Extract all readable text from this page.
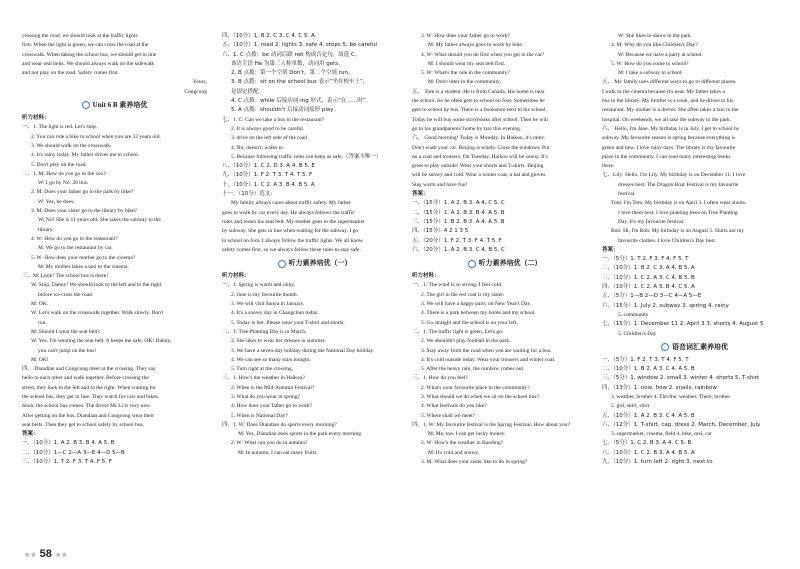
crossing the road, we should look at the traffic lights

first. When the light is green, we can cross the road at the

crosswalk. When taking the school bus, we should get in line

and wear seat belts. We should always walk on the sidewalk

and not play on the road. Safety comes first.

Yours,

Congcong

Unit 6 B 素养培优

听力材料：

一、1. The light is red. Let's stop.

2. You can ride a bike to school when you are 12 years old.

3. We should walk on the crosswalk.

4. It's rainy today. My father drives me to school.

5. Don't play on the road.

二、1. M: How do you go to the zoo?

W: I go by No. 20 bus.

2. M: Does your father go to the park by bike?

W: Yes, he does.

3. M: Does your sister go to the library by bike?

W: No! She is 11 years old. She takes the subway to the

library.

4. W: How do you go to the restaurant?

M: We go to the restaurant by car.

5. W: How does your mother go to the cinema?

M: My mother takes a taxi to the cinema.

三、M: Look! The school bus is there!

W: Stop, Danny! We should look to the left and to the right

before we cross the road.

M: OK.

W: Let's walk on the crosswalk together. Walk slowly. Don't

run.

M: Should I wear the seat belt?

W: Yes. I'm wearing the seat belt. It keeps me safe. OK! Danny,

you can't jump on the bus!

M: OK!

四、 Diandian and Congcong meet at the crossing. They say

hello to each other and walk together. Before crossing the

street, they look to the left and to the right. When waiting for

the school bus, they get in line. They watch for cars and bikes.

Soon, the school bus comes. The driver Mr Li is very nice.

After getting on the bus, Diandian and Congcong wear their

seat belts. Then they get to school safely by school bus.

答案：

一、（10分）1. A 2. B 3. B 4. A 5. B

二、（10分）1—C 2—A 3—E 4—D 5—B

三、（10分）1. T 2. F 3. T 4. F 5. F

四、（10分）1. B 2. C 3. C 4. C 5. A

五、（10分）1. road 2. lights 3. safe 4. stops 5. be careful

六、1. C 点拨：be 动词后跟 not 构成否定句，故选 C。

该语主语 He 为第三人称单数，动词用 gets。

2. B 点拨：第一个空填 Don't，第二个空填 run。

3. B 点拨：sit on the school bus 表示“坐在校车上”，

是固定搭配。

4. C 点拨：while 后接动词-ing 形式，表示“在……时”。

5. A 点拨：shouldn't 后接动词原形 play。

七、1. C: Can we take a bus to the restaurant?

2. It is always good to be careful.

3. drive on the left side of the road

4. No; doesn't; walks to

5. Because following traffic rules can keep us safe.（答案不唯一）

八、（10分）1. C 2. D 3. A 4. B 5. E

九、（10分）1. F 2. T 3. T 4. T 5. F

十、（10分）1. C 2. A 3. B 4. B 5. A

十一、（10分）范文：

My family always cares about traffic safety. My father

goes to work by car every day. He always follows the traffic

rules and wears his seat belt. My mother goes to the supermarket

by subway. She gets in line when waiting for the subway. I go

to school on foot. I always follow the traffic lights. We all know

safety comes first, so we always follow these rules to stay safe.

听力素养培优（一）

听力材料：

一、1. Spring is warm and rainy.

2. June is my favourite month.

3. We will visit Sanya in January.

4. It's a snowy day in Changchun today.

5. Today is hot. Please wear your T-shirt and shorts.

二、1. Tree Planting Day is in March.

2. She likes to wear her dresses in summer.

3. We have a seven-day holiday during the National Day holiday.

4. We can see so many stars tonight.

5. Turn right at the crossing.

三、1. How's the weather in Haikou?

2. When is the Mid-Autumn Festival?

3. What do you wear in spring?

4. How does your father go to work?

5. When is National Day?

四、1. W: Does Diandian do sports every morning?

M: Yes. Diandian does sports in the park every morning.

2. W: What can you do in autumn?

M: In autumn, I can eat many fruits.

3. W: How does your father go to work?

M: My father always goes to work by bike.

4. W: What should you do first when you get in the car?

M: I should wear my seat belt first.

5. W: What's the rule in the community?

M: Don't litter in the community.

五、 Tom is a student. He is from Canada. His home is near

the school. So he often gets to school on foot. Sometimes he

gets to school by bus. There is a bookstore next to his school.

Today he will buy some storybooks after school. Then he will

go to his grandparents' home by taxi this evening.

六、 Good morning! Today is Monday. In Haikou, it's rainy.

Don't wash your car. Beijing is windy. Close the windows. Put

on a coat and trousers. On Tuesday, Haikou will be sunny. It's

great to play outside! Wear your shorts and T-shirts. Beijing

will be snowy and cold. Wear a winter coat, a hat and gloves.

Stay warm and have fun!

答案：

一、（15分）1. A 2. B 3. A 4. C 5. C

二、（15分）1. A 2. B 3. B 4. A 5. B

三、（15分）1. B 2. B 3. A 4. A 5. B

四、（15分）4 2 1 3 5

五、（20分）1. F 2. T 3. F 4. T 5. F

六、（20分）1. A 2. B 3. C 4. B 5. C

听力素养培优（二）

听力材料：

一、1. The wind is so strong. I feel cold.

2. The girl in the red coat is my sister.

3. We will have a happy party on New Year's Day.

4. There is a park between my home and my school.

5. Go straight and the school is on your left.

二、1. The traffic light is green. Let's go.

2. We shouldn't play football in the park.

3. Stay away from the road when you are waiting for a bus.

4. It's cold outside today. Wear your trousers and winter coat.

5. After the heavy rain, the rainbow comes out.

三、1. How do you feel?

2. What's your favourite place in the community?

3. What should we do when we sit on the school bus?

4. What festivals do you like?

5. Where shall we meet?

四、1. W: My favourite festival is the Spring Festival. How about you?

M: Me, too. I can get lucky money.

2. W: How's the weather in Baoding?

M: It's cold and snowy.

3. M: What does your sister like to do in spring?

W: She likes to dance in the park.

4. M: Why do you like Children's Day?

W: Because we have a party at school.

5. W: How do you come to school?

M: I take a subway to school.

五、 My family uses different ways to go to different places.

I walk to the cinema because it's near. My father takes a

bus to the library. My brother is a cook, and he drives to his

restaurant. My mother is a doctor. She often takes a taxi to the

hospital. On weekends, we all take the subway to the park.

六、 Hello, I'm Jane. My birthday is in July. I get to school by

subway. My favourite season is spring because everything is

green and new. I love rainy days. The library is my favourite

place in the community. I can read many interesting books

there.

七、Lily: Hello, I'm Lily. My birthday is on December 11. I love

dresses best. The Dragon Boat Festival is my favourite

festival.

Tom: I'm Tom. My birthday is on April 3. I often wear shorts.

I love them best. I love planting trees on Tree Planting

Day. It's my favourite festival.

Bob: Hi, I'm Bob. My birthday is on August 5. Shirts are my

favourite clothes. I love Children's Day best.

答案：

一、（5分）1. T 2. F 3. F 4. F 5. T

二、（10分）1. B 2. C 3. A 4. B 5. A

三、（10分）1. C 2. A 3. C 4. B 5. B

四、（10分）1. C 2. A 3. B 4. C 5. A

五、（5分）1—B 2—D 3—C 4—A 5—E

六、（15分）1. July 2. subway 3. spring 4. rainy

5. community

七、（15分）1. December 11 2. April 3 3. shorts 4. August 5

5. Children's Day

语音词汇素养培优

一、（5分）1. F 2. T 3. T 4. F 5. T

二、（10分）1. B 2. A 3. C 4. A 5. B

三、（5分）1. window 2. small 3. winter 4. shorts 5. T-shirt

四、（13分）1. now, how 2. snails, rainbow

3. weather, brother 4. Tho/the, weather, There, brother

5. girl, skirt, shirt

五、（10分）1. A 2. B 3. C 4. A 5. B

六、（12分）1. T-shirt, cap, dress 2. March, December, July

3. supermarket, cinema, field 4. bike, taxi, car

七、（5分）1. C 2. B 3. A 4. C 5. B

八、（10分）1. C 2. B 3. A 4. B 5. A

九、（10分）1. turn left 2. right 3. next to

★★ 58 ★★
